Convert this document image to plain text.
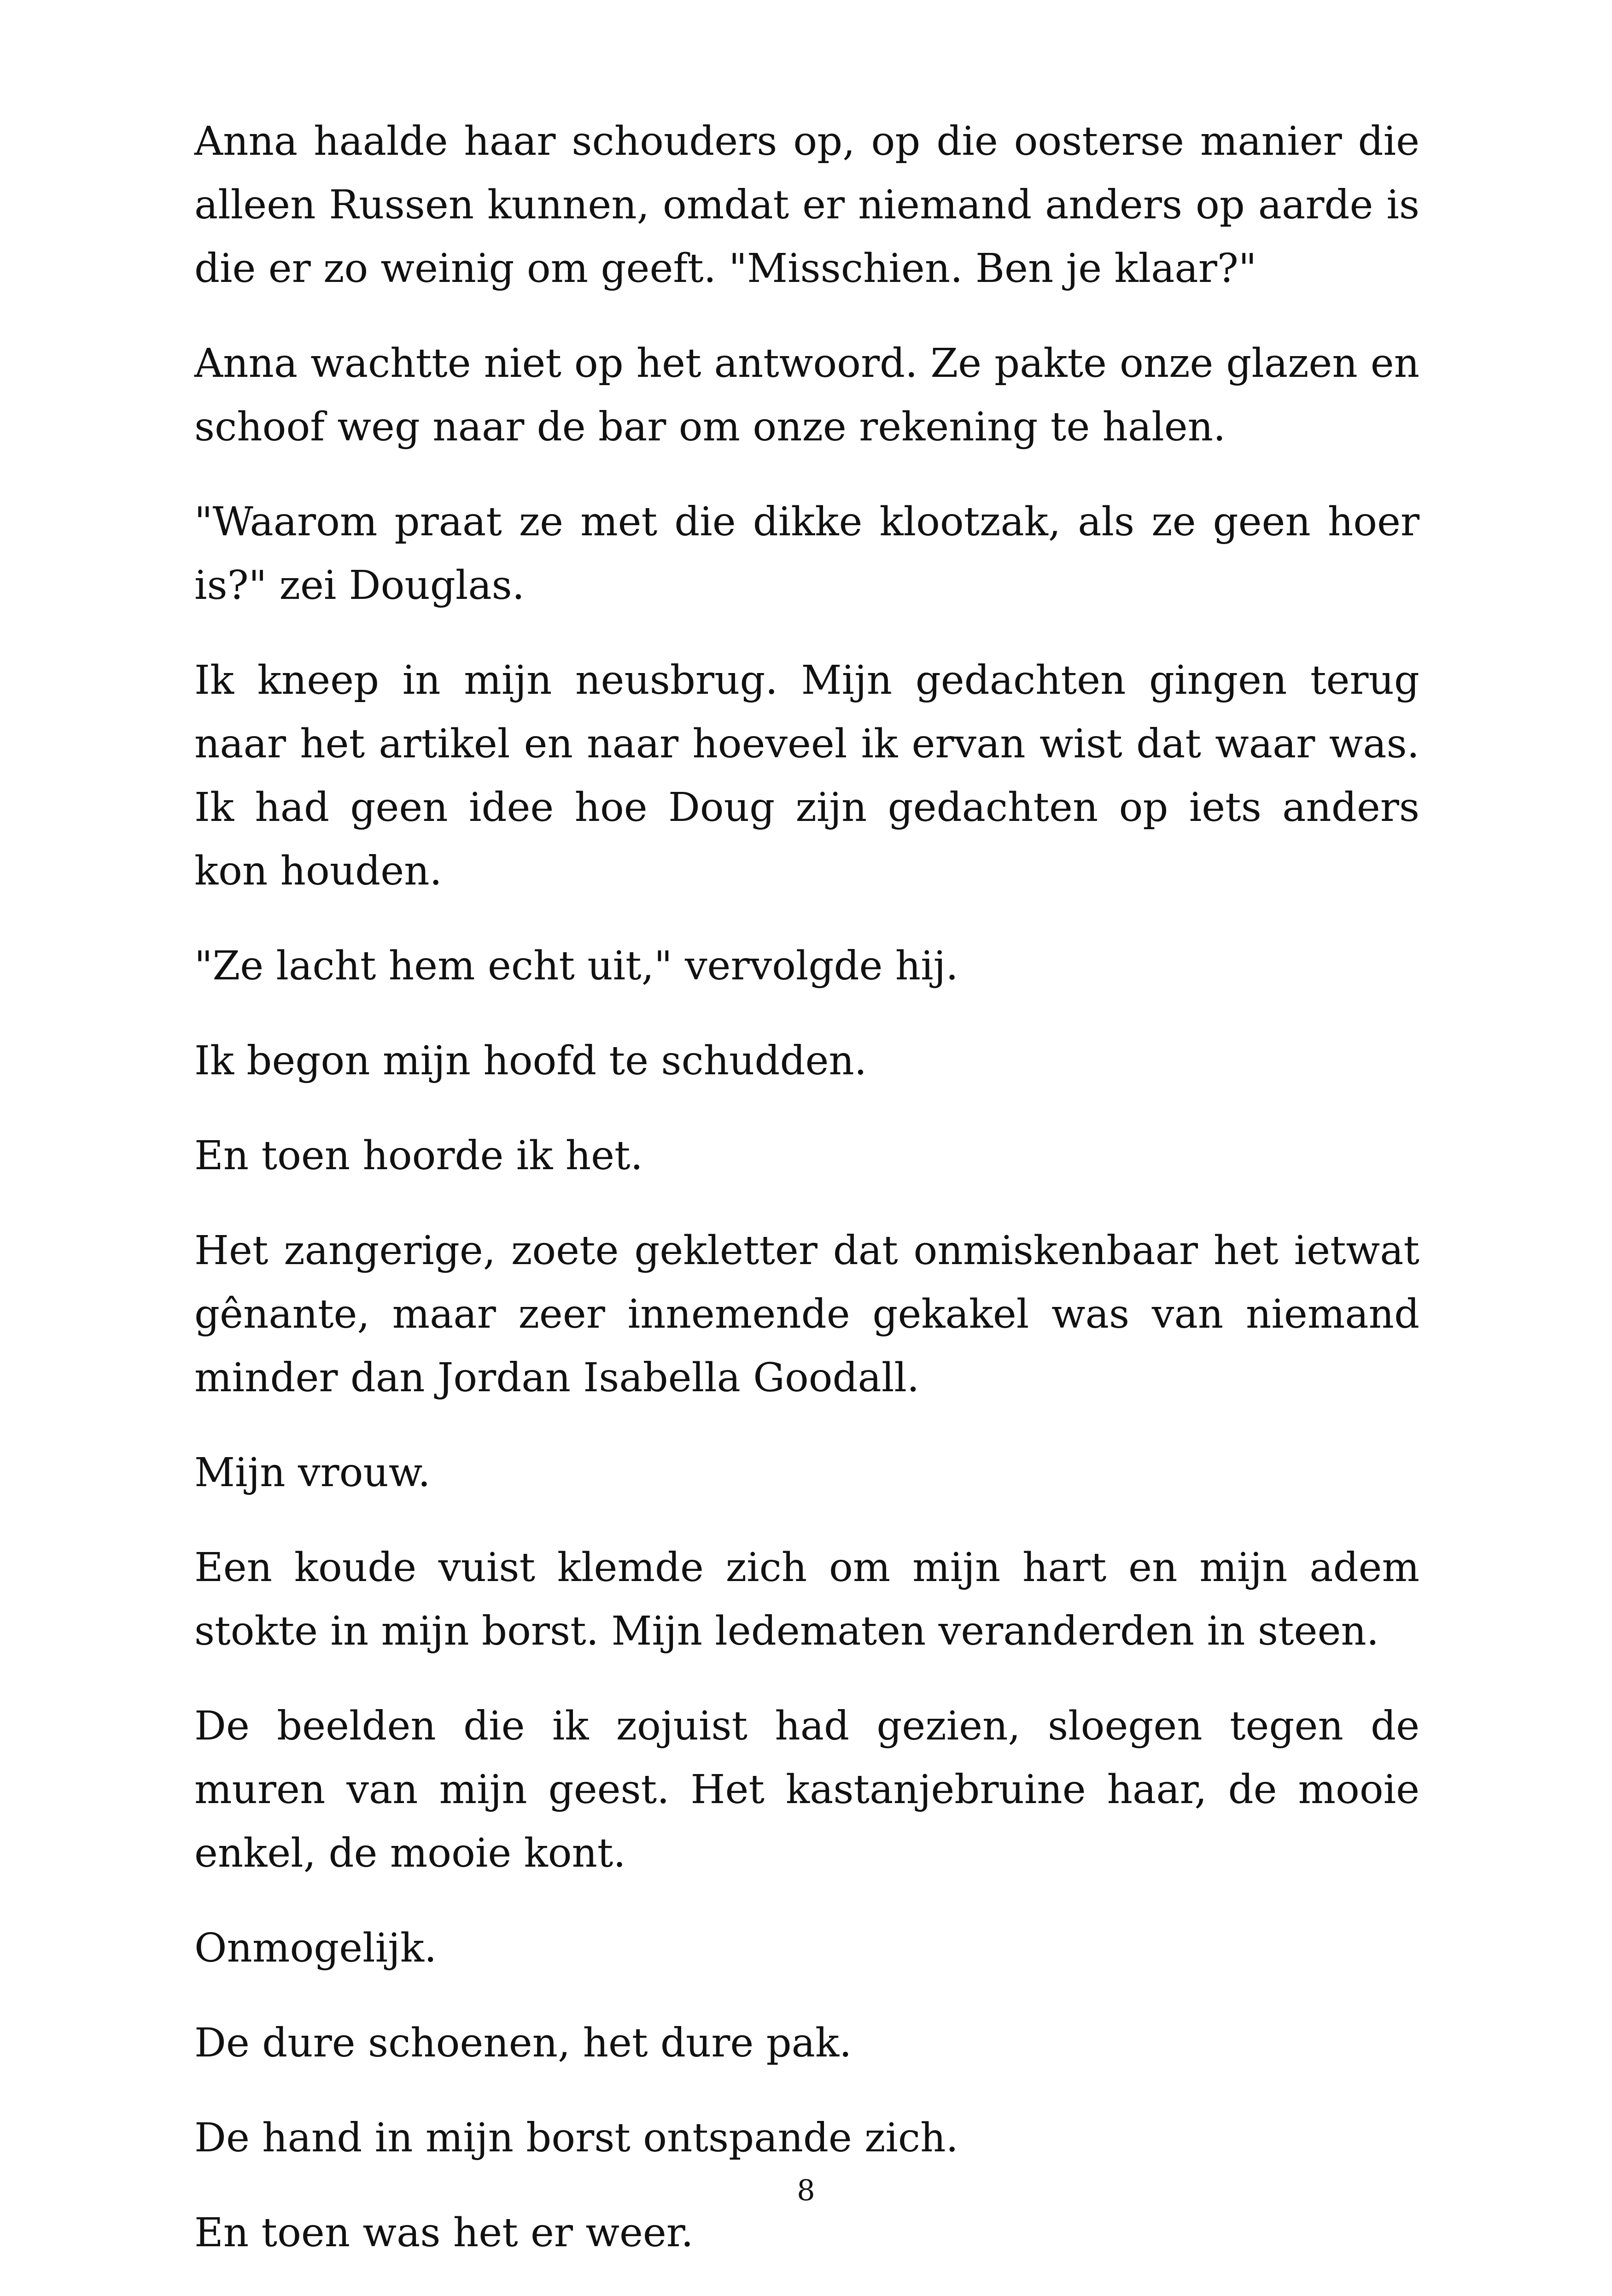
Anna haalde haar schouders op, op die oosterse manier die alleen Russen kunnen, omdat er niemand anders op aarde is die er zo weinig om geeft. "Misschien. Ben je klaar?"

Anna wachtte niet op het antwoord. Ze pakte onze glazen en schoof weg naar de bar om onze rekening te halen.

"Waarom praat ze met die dikke klootzak, als ze geen hoer is?" zei Douglas.

Ik kneep in mijn neusbrug. Mijn gedachten gingen terug naar het artikel en naar hoeveel ik ervan wist dat waar was. Ik had geen idee hoe Doug zijn gedachten op iets anders kon houden.

"Ze lacht hem echt uit," vervolgde hij.

Ik begon mijn hoofd te schudden.

En toen hoorde ik het.

Het zangerige, zoete gekletter dat onmiskenbaar het ietwat gênante, maar zeer innemende gekakel was van niemand minder dan Jordan Isabella Goodall.

Mijn vrouw.

Een koude vuist klemde zich om mijn hart en mijn adem stokte in mijn borst. Mijn ledematen veranderden in steen.

De beelden die ik zojuist had gezien, sloegen tegen de muren van mijn geest. Het kastanjebruine haar, de mooie enkel, de mooie kont.

Onmogelijk.

De dure schoenen, het dure pak.

De hand in mijn borst ontspande zich.

En toen was het er weer.

8
